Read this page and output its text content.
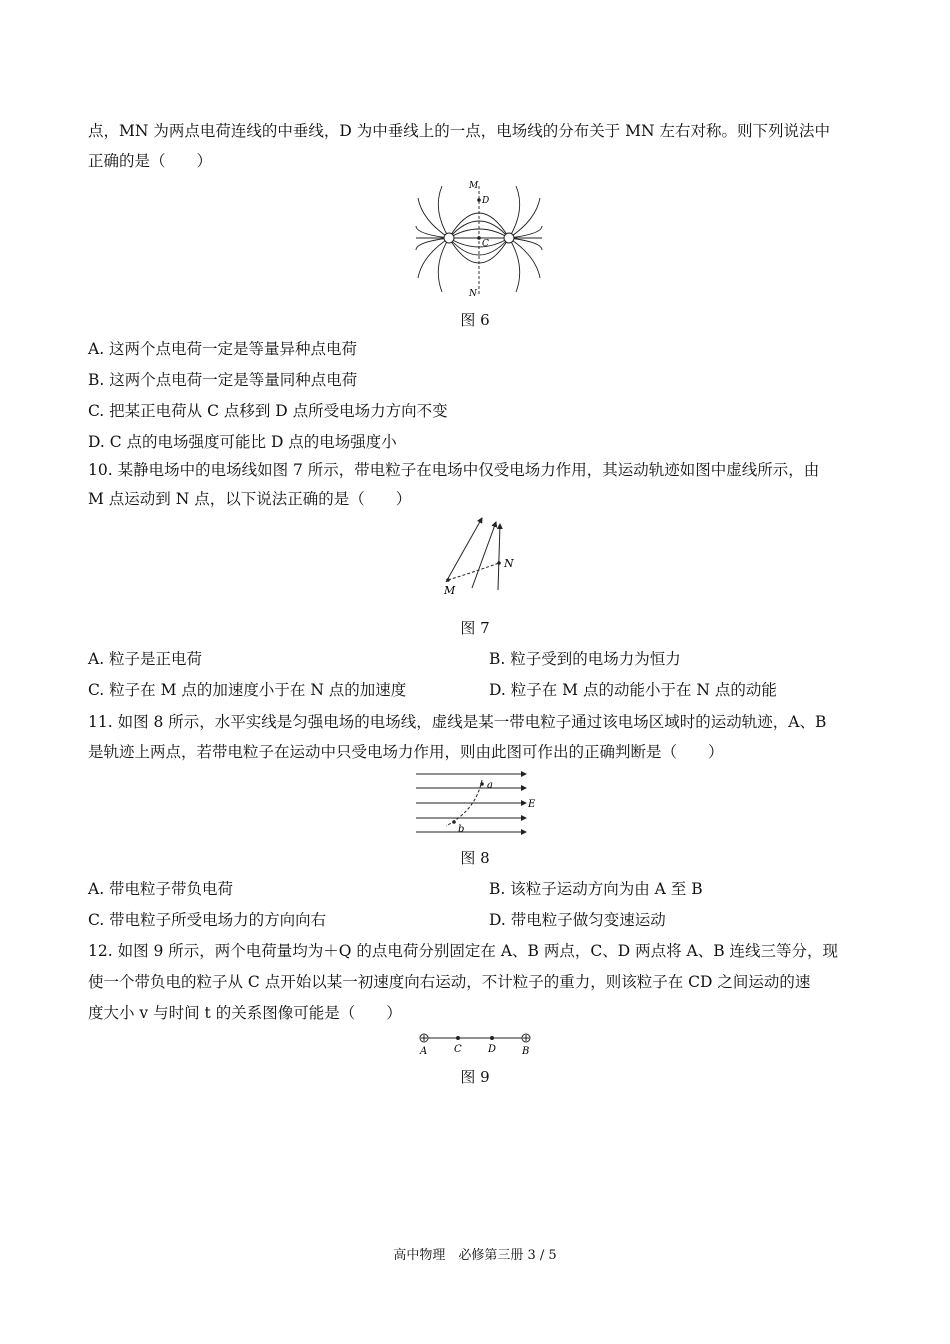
点，MN 为两点电荷连线的中垂线，D 为中垂线上的一点，电场线的分布关于 MN 左右对称。则下列说法中
正确的是（　　）
M
D
C
N
图 6
A. 这两个点电荷一定是等量异种点电荷
B. 这两个点电荷一定是等量同种点电荷
C. 把某正电荷从 C 点移到 D 点所受电场力方向不变
D. C 点的电场强度可能比 D 点的电场强度小
10. 某静电场中的电场线如图 7 所示，带电粒子在电场中仅受电场力作用，其运动轨迹如图中虚线所示，由
M 点运动到 N 点，以下说法正确的是（　　）
M
N
图 7
A. 粒子是正电荷	B. 粒子受到的电场力为恒力
C. 粒子在 M 点的加速度小于在 N 点的加速度	D. 粒子在 M 点的动能小于在 N 点的动能
11. 如图 8 所示，水平实线是匀强电场的电场线，虚线是某一带电粒子通过该电场区域时的运动轨迹，A、B
是轨迹上两点，若带电粒子在运动中只受电场力作用，则由此图可作出的正确判断是（　　）
a
b
E
图 8
A. 带电粒子带负电荷	B. 该粒子运动方向为由 A 至 B
C. 带电粒子所受电场力的方向向右	D. 带电粒子做匀变速运动
12. 如图 9 所示，两个电荷量均为＋Q 的点电荷分别固定在 A、B 两点，C、D 两点将 A、B 连线三等分，现
使一个带负电的粒子从 C 点开始以某一初速度向右运动，不计粒子的重力，则该粒子在 CD 之间运动的速
度大小 v 与时间 t 的关系图像可能是（　　）
A	C	D	B
图 9
高中物理　必修第三册 3 / 5
